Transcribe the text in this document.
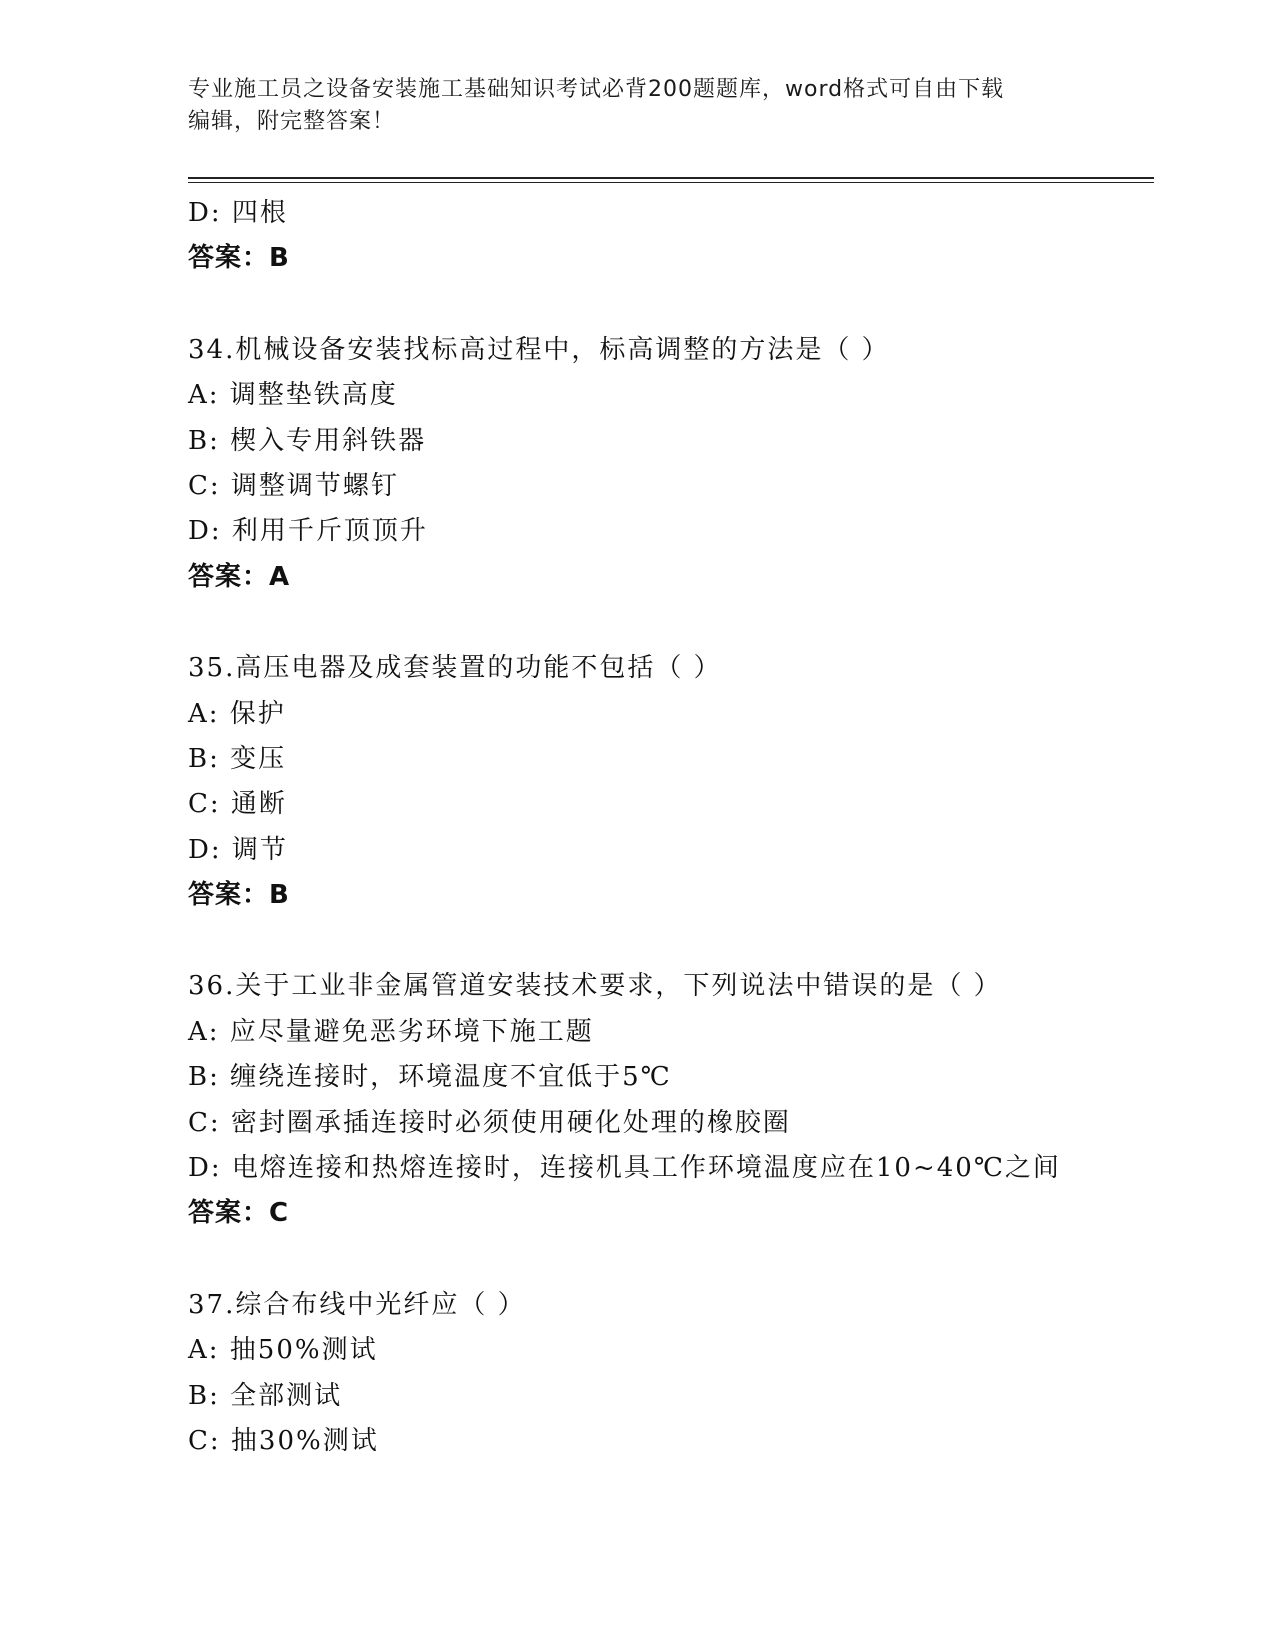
专业施工员之设备安装施工基础知识考试必背200题题库，word格式可自由下载
编辑，附完整答案！
D: 四根
答案：B
34.机械设备安装找标高过程中，标高调整的方法是（ ）
A: 调整垫铁高度
B: 楔入专用斜铁器
C: 调整调节螺钉
D: 利用千斤顶顶升
答案：A
35.高压电器及成套装置的功能不包括（ ）
A: 保护
B: 变压
C: 通断
D: 调节
答案：B
36.关于工业非金属管道安装技术要求，下列说法中错误的是（ ）
A: 应尽量避免恶劣环境下施工题
B: 缠绕连接时，环境温度不宜低于5℃
C: 密封圈承插连接时必须使用硬化处理的橡胶圈
D: 电熔连接和热熔连接时，连接机具工作环境温度应在10~40℃之间
答案：C
37.综合布线中光纤应（ ）
A: 抽50%测试
B: 全部测试
C: 抽30%测试
